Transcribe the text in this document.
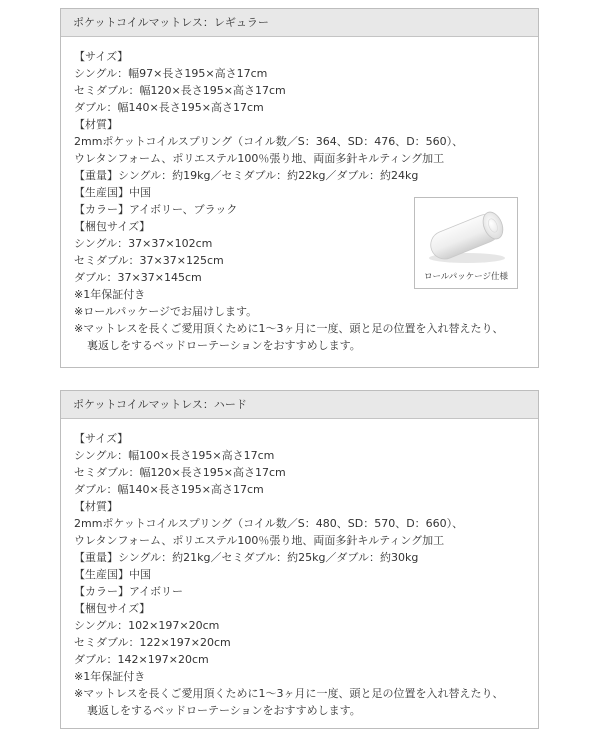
ポケットコイルマットレス：レギュラー
【サイズ】
シングル：幅97×長さ195×高さ17cm
セミダブル：幅120×長さ195×高さ17cm
ダブル：幅140×長さ195×高さ17cm
【材質】
2mmポケットコイルスプリング（コイル数／S：364、SD：476、D：560）、
ウレタンフォーム、ポリエステル100％張り地、両面多針キルティング加工
【重量】シングル：約19kg／セミダブル：約22kg／ダブル：約24kg
【生産国】中国
【カラー】アイボリー、ブラック
【梱包サイズ】
シングル：37×37×102cm
セミダブル：37×37×125cm
ダブル：37×37×145cm
※1年保証付き
※ロールパッケージでお届けします。
※マットレスを長くご愛用頂くために1～3ヶ月に一度、頭と足の位置を入れ替えたり、
裏返しをするベッドローテーションをおすすめします。
ロールパッケージ仕様
ポケットコイルマットレス：ハード
【サイズ】
シングル：幅100×長さ195×高さ17cm
セミダブル：幅120×長さ195×高さ17cm
ダブル：幅140×長さ195×高さ17cm
【材質】
2mmポケットコイルスプリング（コイル数／S：480、SD：570、D：660）、
ウレタンフォーム、ポリエステル100％張り地、両面多針キルティング加工
【重量】シングル：約21kg／セミダブル：約25kg／ダブル：約30kg
【生産国】中国
【カラー】アイボリー
【梱包サイズ】
シングル：102×197×20cm
セミダブル：122×197×20cm
ダブル：142×197×20cm
※1年保証付き
※マットレスを長くご愛用頂くために1～3ヶ月に一度、頭と足の位置を入れ替えたり、
裏返しをするベッドローテーションをおすすめします。
